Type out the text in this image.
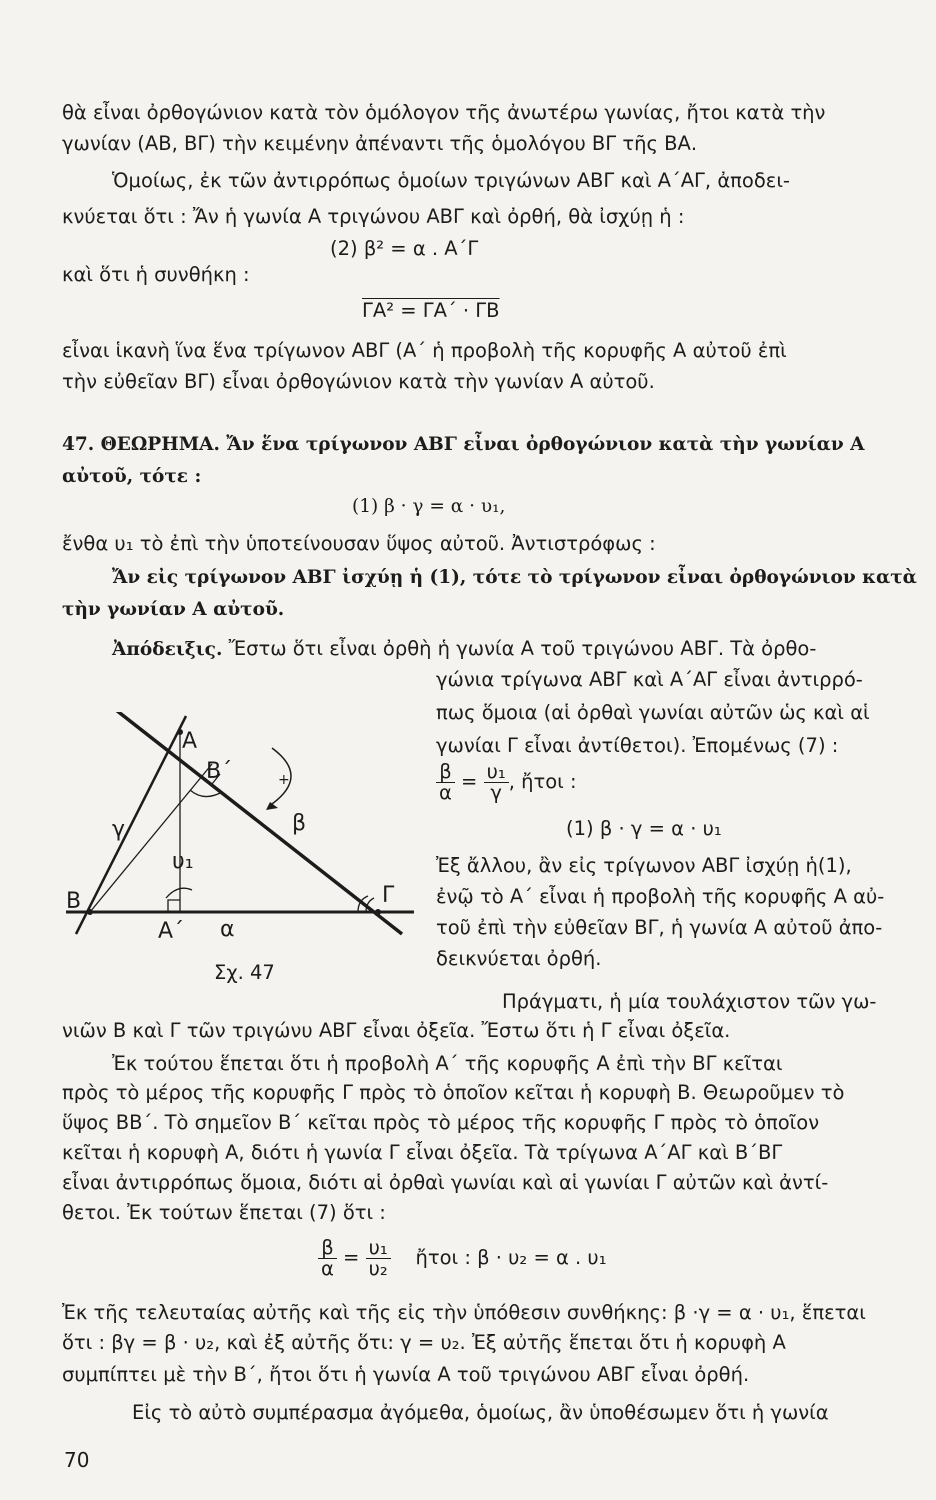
θὰ εἶναι ὀρθογώνιον κατὰ τὸν ὁμόλογον τῆς ἀνωτέρω γωνίας, ἤτοι κατὰ τὴν
γωνίαν (ΑΒ, ΒΓ) τὴν κειμένην ἀπέναντι τῆς ὁμολόγου ΒΓ τῆς ΒΑ.
Ὁμοίως, ἐκ τῶν ἀντιρρόπως ὁμοίων τριγώνων ΑΒΓ καὶ Α΄ΑΓ, ἀποδει-
κνύεται ὅτι : Ἄν ἡ γωνία Α τριγώνου ΑΒΓ καὶ ὀρθή, θὰ ἰσχύῃ ἡ :
(2) β² = α . Α΄Γ
καὶ ὅτι ἡ συνθήκη :
ΓΑ² = ΓΑ΄ · ΓΒ
εἶναι ἱκανὴ ἵνα ἕνα τρίγωνον ΑΒΓ (Α΄ ἡ προβολὴ τῆς κορυφῆς Α αὐτοῦ ἐπὶ
τὴν εὐθεῖαν ΒΓ) εἶναι ὀρθογώνιον κατὰ τὴν γωνίαν Α αὐτοῦ.
47. ΘΕΩΡΗΜΑ. Ἄν ἕνα τρίγωνον ΑΒΓ εἶναι ὀρθογώνιον κατὰ τὴν γωνίαν Α
αὐτοῦ, τότε :
(1) β · γ = α · υ₁,
ἔνθα υ₁ τὸ ἐπὶ τὴν ὑποτείνουσαν ὕψος αὐτοῦ. Ἀντιστρόφως :
Ἄν εἰς τρίγωνον ΑΒΓ ἰσχύῃ ἡ (1), τότε τὸ τρίγωνον εἶναι ὀρθογώνιον κατὰ
τὴν γωνίαν Α αὐτοῦ.
Ἀπόδειξις. Ἔστω ὅτι εἶναι ὀρθὴ ἡ γωνία Α τοῦ τριγώνου ΑΒΓ. Τὰ ὀρθο-
γώνια τρίγωνα ΑΒΓ καὶ Α΄ΑΓ εἶναι ἀντιρρό-
πως ὅμοια (αἱ ὀρθαὶ γωνίαι αὐτῶν ὡς καὶ αἱ
γωνίαι Γ εἶναι ἀντίθετοι). Ἐπομένως (7) :
$\frac{\beta}{\alpha} = \frac{\text{υ₁}}{\gamma}$ , ἤτοι :
(1) β · γ = α · υ₁
Ἐξ ἄλλου, ἂν εἰς τρίγωνον ΑΒΓ ἰσχύῃ ἡ(1),
ἐνῷ τὸ Α΄ εἶναι ἡ προβολὴ τῆς κορυφῆς Α αὐ-
τοῦ ἐπὶ τὴν εὐθεῖαν ΒΓ, ἡ γωνία Α αὐτοῦ ἀπο-
δεικνύεται ὀρθή.
Πράγματι, ἡ μία τουλάχιστον τῶν γω-
Α
Β΄	+
γ	β
υ₁
Β	Γ
Α΄ α
Σχ. 47
νιῶν Β καὶ Γ τῶν τριγώνυ ΑΒΓ εἶναι ὀξεῖα. Ἔστω ὅτι ἡ Γ εἶναι ὀξεῖα.
Ἐκ τούτου ἕπεται ὅτι ἡ προβολὴ Α΄ τῆς κορυφῆς Α ἐπὶ τὴν ΒΓ κεῖται
πρὸς τὸ μέρος τῆς κορυφῆς Γ πρὸς τὸ ὁποῖον κεῖται ἡ κορυφὴ Β. Θεωροῦμεν τὸ
ὕψος ΒΒ΄. Τὸ σημεῖον Β΄ κεῖται πρὸς τὸ μέρος τῆς κορυφῆς Γ πρὸς τὸ ὁποῖον
κεῖται ἡ κορυφὴ Α, διότι ἡ γωνία Γ εἶναι ὀξεῖα. Τὰ τρίγωνα Α΄ΑΓ καὶ Β΄ΒΓ
εἶναι ἀντιρρόπως ὅμοια, διότι αἱ ὀρθαὶ γωνίαι καὶ αἱ γωνίαι Γ αὐτῶν καὶ ἀντί-
θετοι. Ἐκ τούτων ἕπεται (7) ὅτι :
$\frac{\beta}{\alpha} = \frac{\text{υ₁}}{\text{υ₂}}$ ἤτοι : β · υ₂ = α . υ₁
Ἐκ τῆς τελευταίας αὐτῆς καὶ τῆς εἰς τὴν ὑπόθεσιν συνθήκης: β ·γ = α · υ₁, ἕπεται
ὅτι : βγ = β · υ₂, καὶ ἐξ αὐτῆς ὅτι: γ = υ₂. Ἐξ αὐτῆς ἕπεται ὅτι ἡ κορυφὴ Α
συμπίπτει μὲ τὴν Β΄, ἤτοι ὅτι ἡ γωνία Α τοῦ τριγώνου ΑΒΓ εἶναι ὀρθή.
Εἰς τὸ αὐτὸ συμπέρασμα ἀγόμεθα, ὁμοίως, ἂν ὑποθέσωμεν ὅτι ἡ γωνία
70
